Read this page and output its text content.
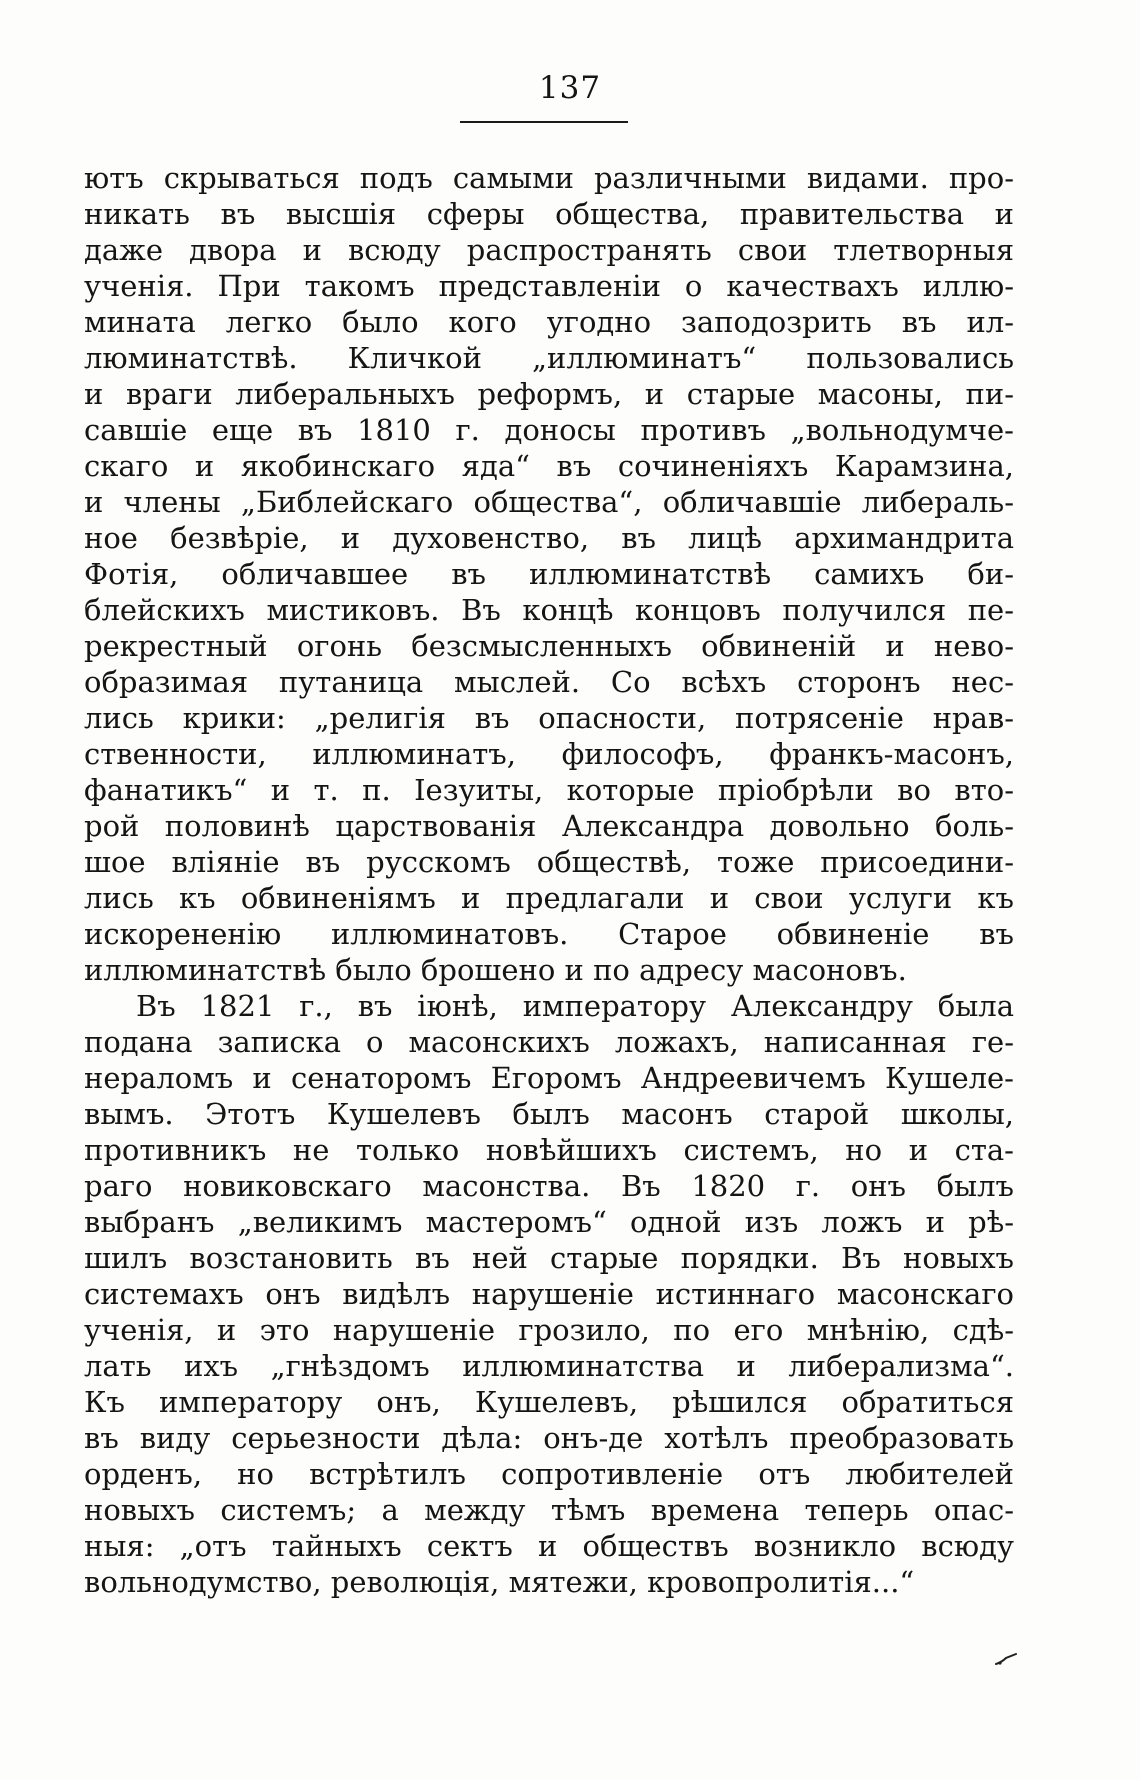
137
ютъ скрываться подъ самыми различными видами. про-
никать въ высшiя сферы общества, правительства и
даже двора и всюду распространять свои тлетворныя
ученiя. При такомъ представленiи о качествахъ иллю-
мината легко было кого угодно заподозрить въ ил-
люминатствѣ. Кличкой „иллюминатъ“ пользовались
и враги либеральныхъ реформъ, и старые масоны, пи-
савшiе еще въ 1810 г. доносы противъ „вольнодумче-
скаго и якобинскаго яда“ въ сочиненiяхъ Карамзина,
и члены „Библейскаго общества“, обличавшiе либераль-
ное безвѣрiе, и духовенство, въ лицѣ архимандрита
Фотiя, обличавшее въ иллюминатствѣ самихъ би-
блейскихъ мистиковъ. Въ концѣ концовъ получился пе-
рекрестный огонь безсмысленныхъ обвиненiй и нево-
образимая путаница мыслей. Со всѣхъ сторонъ нес-
лись крики: „религiя въ опасности, потрясенiе нрав-
ственности, иллюминатъ, философъ, франкъ-масонъ,
фанатикъ“ и т. п. Iезуиты, которые прiобрѣли во вто-
рой половинѣ царствованiя Александра довольно боль-
шое влiянiе въ русскомъ обществѣ, тоже присоедини-
лись къ обвиненiямъ и предлагали и свои услуги къ
искорененiю иллюминатовъ. Старое обвиненiе въ
иллюминатствѣ было брошено и по адресу масоновъ.
Въ 1821 г., въ iюнѣ, императору Александру была
подана записка о масонскихъ ложахъ, написанная ге-
нераломъ и сенаторомъ Егоромъ Андреевичемъ Кушеле-
вымъ. Этотъ Кушелевъ былъ масонъ старой школы,
противникъ не только новѣйшихъ системъ, но и ста-
раго новиковскаго масонства. Въ 1820 г. онъ былъ
выбранъ „великимъ мастеромъ“ одной изъ ложъ и рѣ-
шилъ возстановить въ ней старые порядки. Въ новыхъ
системахъ онъ видѣлъ нарушенiе истиннаго масонскаго
ученiя, и это нарушенiе грозило, по его мнѣнiю, сдѣ-
лать ихъ „гнѣздомъ иллюминатства и либерализма“.
Къ императору онъ, Кушелевъ, рѣшился обратиться
въ виду серьезности дѣла: онъ-де хотѣлъ преобразовать
орденъ, но встрѣтилъ сопротивленiе отъ любителей
новыхъ системъ; а между тѣмъ времена теперь опас-
ныя: „отъ тайныхъ сектъ и обществъ возникло всюду
вольнодумство, революцiя, мятежи, кровопролитiя...“
